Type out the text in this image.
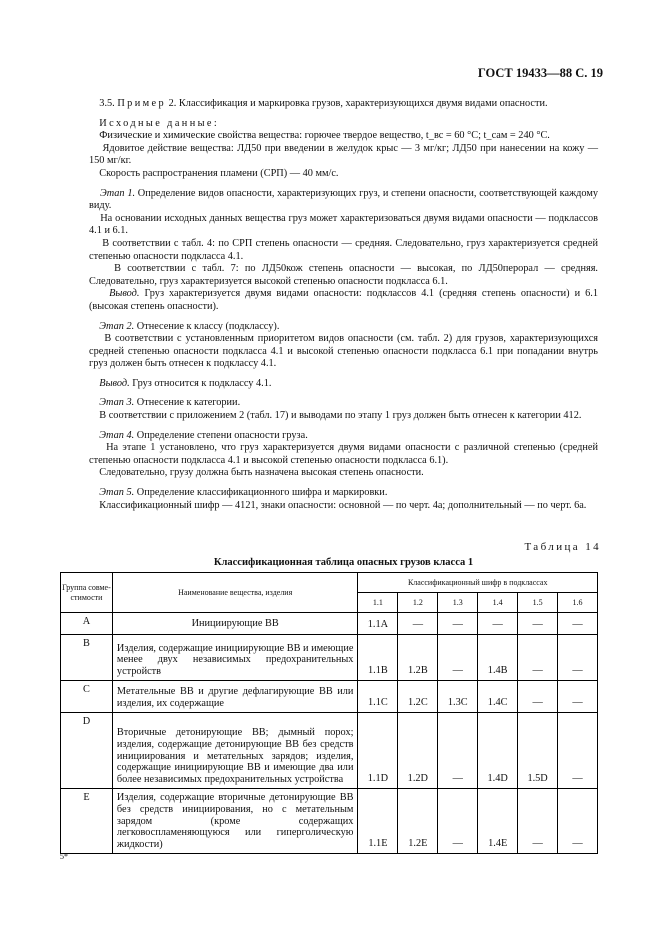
ГОСТ 19433—88 С. 19

3.5. Пример 2. Классификация и маркировка грузов, характеризующихся двумя видами опасности.

Исходные данные:

Физические и химические свойства вещества: горючее твердое вещество, t_вс = 60 °С; t_сам = 240 °С.

Ядовитое действие вещества: ЛД50 при введении в желудок крыс — 3 мг/кг; ЛД50 при нанесении на кожу — 150 мг/кг.

Скорость распространения пламени (СРП) — 40 мм/с.

Этап 1. Определение видов опасности, характеризующих груз, и степени опасности, соответствующей каждому виду.

На основании исходных данных вещества груз может характеризоваться двумя видами опасности — подклассов 4.1 и 6.1.

В соответствии с табл. 4: по СРП степень опасности — средняя. Следовательно, груз характеризуется средней степенью опасности подкласса 4.1.

В соответствии с табл. 7: по ЛД50кож степень опасности — высокая, по ЛД50перорал — средняя. Следовательно, груз характеризуется высокой степенью опасности подкласса 6.1.

Вывод. Груз характеризуется двумя видами опасности: подклассов 4.1 (средняя степень опасности) и 6.1 (высокая степень опасности).

Этап 2. Отнесение к классу (подклассу).

В соответствии с установленным приоритетом видов опасности (см. табл. 2) для грузов, характеризующихся средней степенью опасности подкласса 4.1 и высокой степенью опасности подкласса 6.1 при попадании внутрь груз должен быть отнесен к подклассу 4.1.

Вывод. Груз относится к подклассу 4.1.

Этап 3. Отнесение к категории.

В соответствии с приложением 2 (табл. 17) и выводами по этапу 1 груз должен быть отнесен к категории 412.

Этап 4. Определение степени опасности груза.

На этапе 1 установлено, что груз характеризуется двумя видами опасности с различной степенью (средней степенью опасности подкласса 4.1 и высокой степенью опасности подкласса 6.1).

Следовательно, грузу должна быть назначена высокая степень опасности.

Этап 5. Определение классификационного шифра и маркировки.

Классификационный шифр — 4121, знаки опасности: основной — по черт. 4а; дополнительный — по черт. 6а.

Таблица 14
Классификационная таблица опасных грузов класса 1
Группа совме-стимости	Наименование вещества, изделия	Классификационный шифр в подклассах					
		1.1	1.2	1.3	1.4	1.5	1.6
A	Инициирующие ВВ	1.1A	—	—	—	—	—
B	Изделия, содержащие инициирующие ВВ и имеющие менее двух независимых предохранительных устройств	1.1B	1.2B	—	1.4B	—	—
C	Метательные ВВ и другие дефлагирующие ВВ или изделия, их содержащие	1.1C	1.2C	1.3C	1.4C	—	—
D	Вторичные детонирующие ВВ; дымный порох; изделия, содержащие детонирующие ВВ без средств инициирования и метательных зарядов; изделия, содержащие инициирующие ВВ и имеющие два или более независимых предохранительных устройства	1.1D	1.2D	—	1.4D	1.5D	—
E	Изделия, содержащие вторичные детонирующие ВВ без средств инициирования, но с метательным зарядом (кроме содержащих легковоспламеняющуюся или гиперголическую жидкости)	1.1E	1.2E	—	1.4E	—	—
5*
